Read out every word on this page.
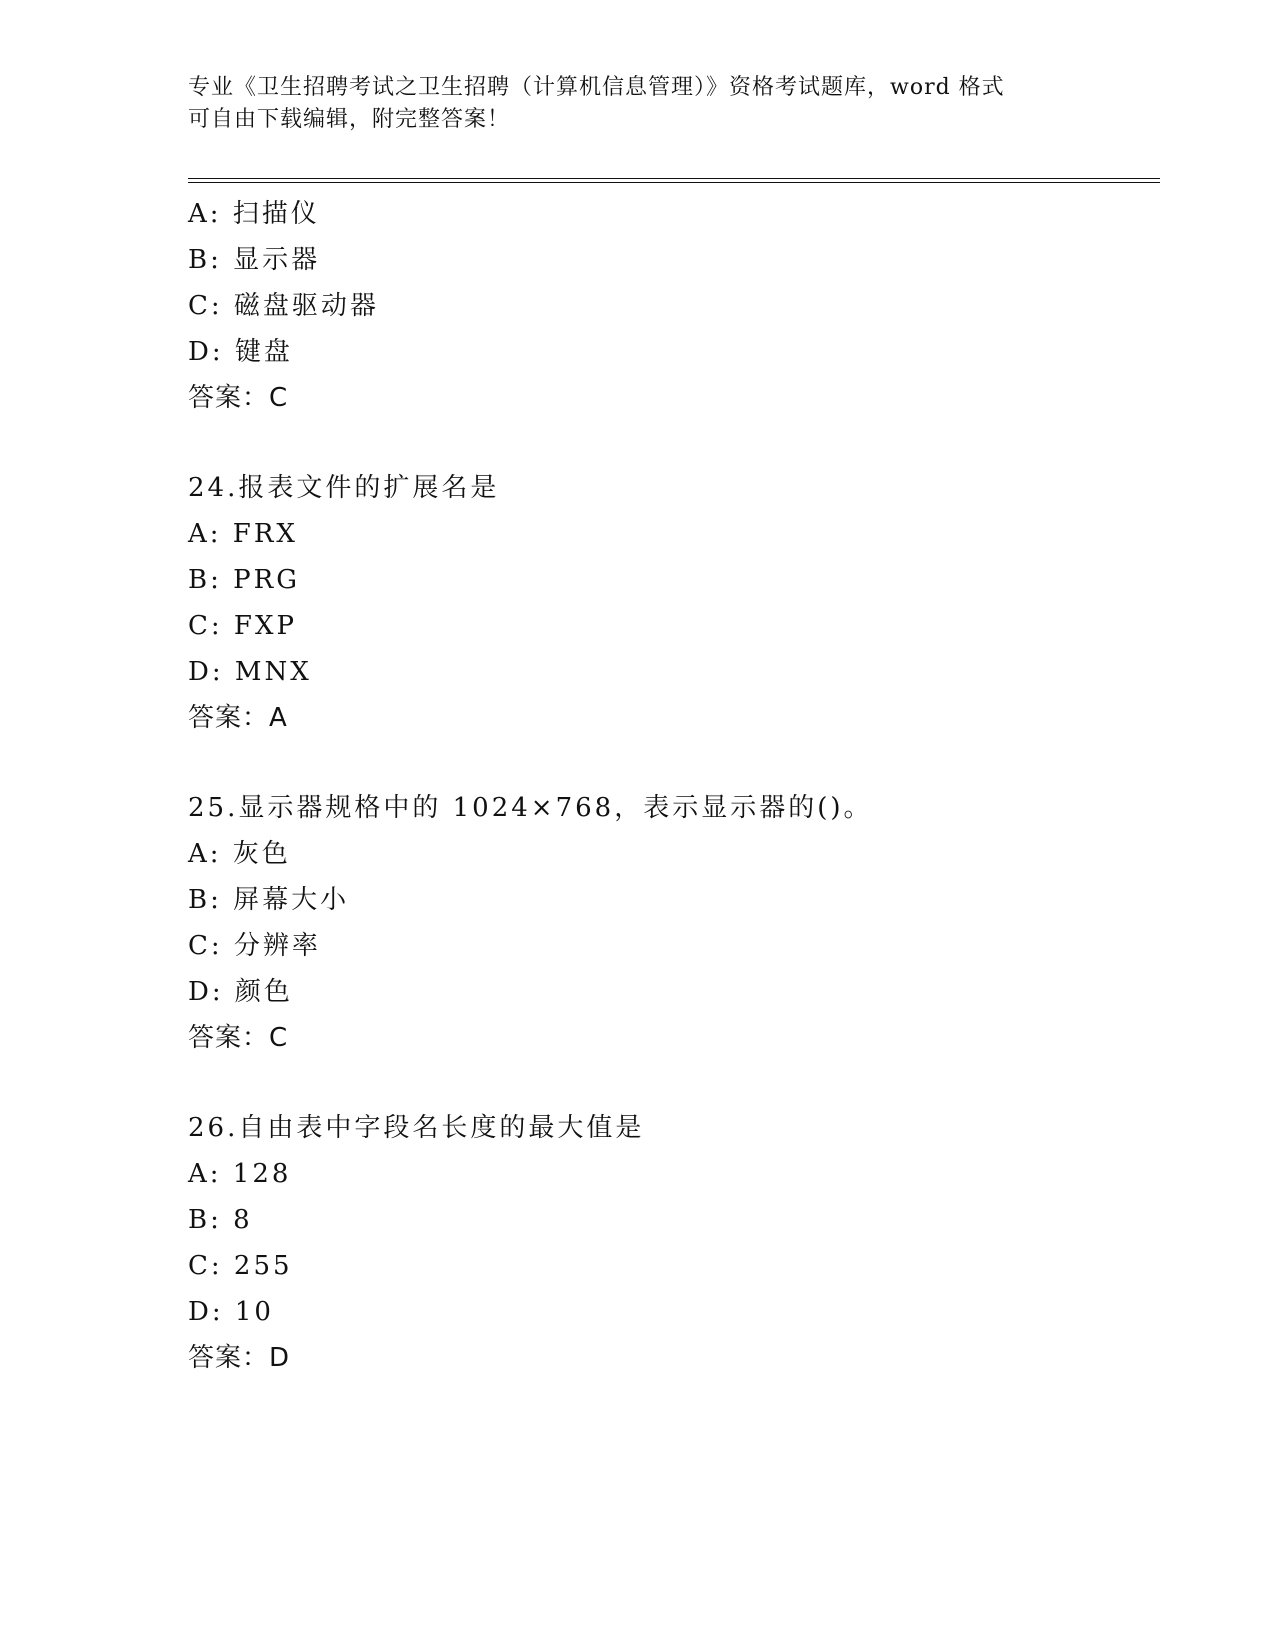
专业《卫生招聘考试之卫生招聘（计算机信息管理）》资格考试题库，word 格式
可自由下载编辑，附完整答案！
A: 扫描仪
B: 显示器
C: 磁盘驱动器
D: 键盘
答案：C
24.报表文件的扩展名是
A: FRX
B: PRG
C: FXP
D: MNX
答案：A
25.显示器规格中的 1024×768，表示显示器的()。
A: 灰色
B: 屏幕大小
C: 分辨率
D: 颜色
答案：C
26.自由表中字段名长度的最大值是
A: 128
B: 8
C: 255
D: 10
答案：D
